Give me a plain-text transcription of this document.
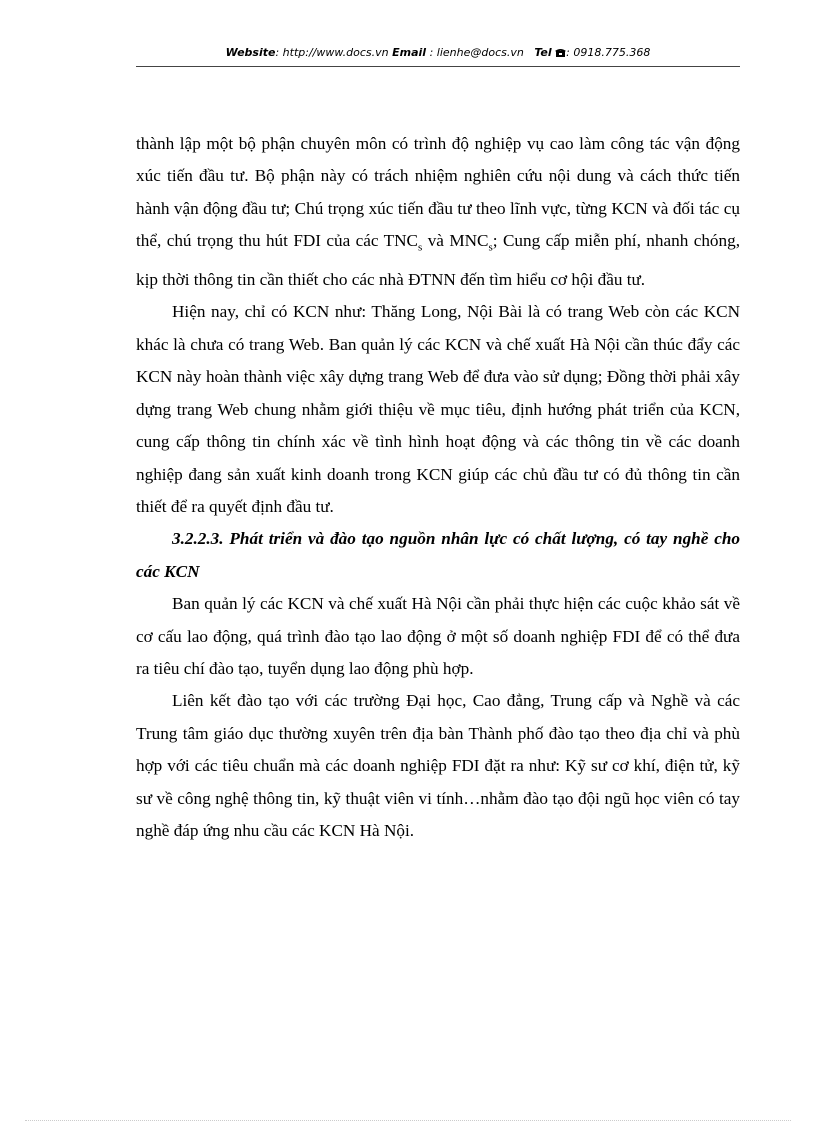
Website: http://www.docs.vn Email : lienhe@docs.vn Tel : 0918.775.368

thành lập một bộ phận chuyên môn có trình độ nghiệp vụ cao làm công tác vận động xúc tiến đầu tư. Bộ phận này có trách nhiệm nghiên cứu nội dung và cách thức tiến hành vận động đầu tư; Chú trọng xúc tiến đầu tư theo lĩnh vực, từng KCN và đối tác cụ thể, chú trọng thu hút FDI của các $TNC_s$ và $MNC_s$; Cung cấp miễn phí, nhanh chóng, kịp thời thông tin cần thiết cho các nhà ĐTNN đến tìm hiểu cơ hội đầu tư.

Hiện nay, chỉ có KCN như: Thăng Long, Nội Bài là có trang Web còn các KCN khác là chưa có trang Web. Ban quản lý các KCN và chế xuất Hà Nội cần thúc đẩy các KCN này hoàn thành việc xây dựng trang Web để đưa vào sử dụng; Đồng thời phải xây dựng trang Web chung nhằm giới thiệu về mục tiêu, định hướng phát triển của KCN, cung cấp thông tin chính xác về tình hình hoạt động và các thông tin về các doanh nghiệp đang sản xuất kinh doanh trong KCN giúp các chủ đầu tư có đủ thông tin cần thiết để ra quyết định đầu tư.

3.2.2.3. Phát triển và đào tạo nguồn nhân lực có chất lượng, có tay nghề cho các KCN

Ban quản lý các KCN và chế xuất Hà Nội cần phải thực hiện các cuộc khảo sát về cơ cấu lao động, quá trình đào tạo lao động ở một số doanh nghiệp FDI để có thể đưa ra tiêu chí đào tạo, tuyển dụng lao động phù hợp.

Liên kết đào tạo với các trường Đại học, Cao đẳng, Trung cấp và Nghề và các Trung tâm giáo dục thường xuyên trên địa bàn Thành phố đào tạo theo địa chỉ và phù hợp với các tiêu chuẩn mà các doanh nghiệp FDI đặt ra như: Kỹ sư cơ khí, điện tử, kỹ sư về công nghệ thông tin, kỹ thuật viên vi tính…nhằm đào tạo đội ngũ học viên có tay nghề đáp ứng nhu cầu các KCN Hà Nội.
